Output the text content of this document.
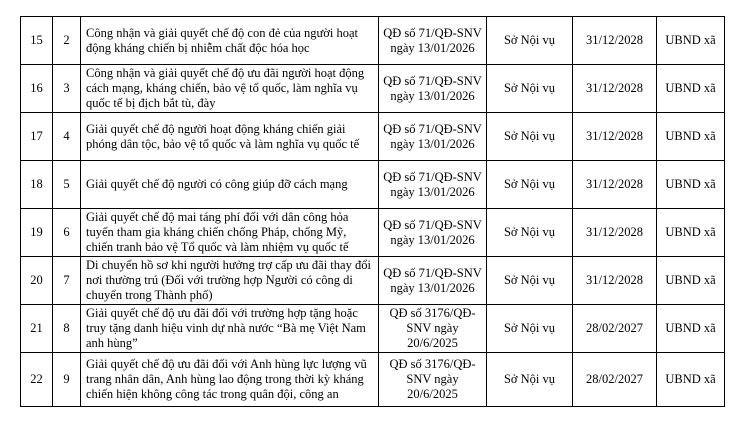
15	2	Công nhận và giải quyết chế độ con đẻ của người hoạt động kháng chiến bị nhiễm chất độc hóa học	QĐ số 71/QĐ-SNV ngày 13/01/2026	Sở Nội vụ	31/12/2028	UBND xã
16	3	Công nhận và giải quyết chế độ ưu đãi người hoạt động cách mạng, kháng chiến, bảo vệ tổ quốc, làm nghĩa vụ quốc tế bị địch bắt tù, đày	QĐ số 71/QĐ-SNV ngày 13/01/2026	Sở Nội vụ	31/12/2028	UBND xã
17	4	Giải quyết chế độ người hoạt động kháng chiến giải phóng dân tộc, bảo vệ tổ quốc và làm nghĩa vụ quốc tế	QĐ số 71/QĐ-SNV ngày 13/01/2026	Sở Nội vụ	31/12/2028	UBND xã
18	5	Giải quyết chế độ người có công giúp đỡ cách mạng	QĐ số 71/QĐ-SNV ngày 13/01/2026	Sở Nội vụ	31/12/2028	UBND xã
19	6	Giải quyết chế độ mai táng phí đối với dân công hỏa tuyến tham gia kháng chiến chống Pháp, chống Mỹ, chiến tranh bảo vệ Tổ quốc và làm nhiệm vụ quốc tế	QĐ số 71/QĐ-SNV ngày 13/01/2026	Sở Nội vụ	31/12/2028	UBND xã
20	7	Di chuyển hồ sơ khi người hưởng trợ cấp ưu đãi thay đổi nơi thường trú (Đối với trường hợp Người có công di chuyển trong Thành phố)	QĐ số 71/QĐ-SNV ngày 13/01/2026	Sở Nội vụ	31/12/2028	UBND xã
21	8	Giải quyết chế độ ưu đãi đối với trường hợp tặng hoặc truy tặng danh hiệu vinh dự nhà nước “Bà mẹ Việt Nam anh hùng”	QĐ số 3176/QĐ-SNV ngày 20/6/2025	Sở Nội vụ	28/02/2027	UBND xã
22	9	Giải quyết chế độ ưu đãi đối với Anh hùng lực lượng vũ trang nhân dân, Anh hùng lao động trong thời kỳ kháng chiến hiện không công tác trong quân đội, công an	QĐ số 3176/QĐ-SNV ngày 20/6/2025	Sở Nội vụ	28/02/2027	UBND xã
